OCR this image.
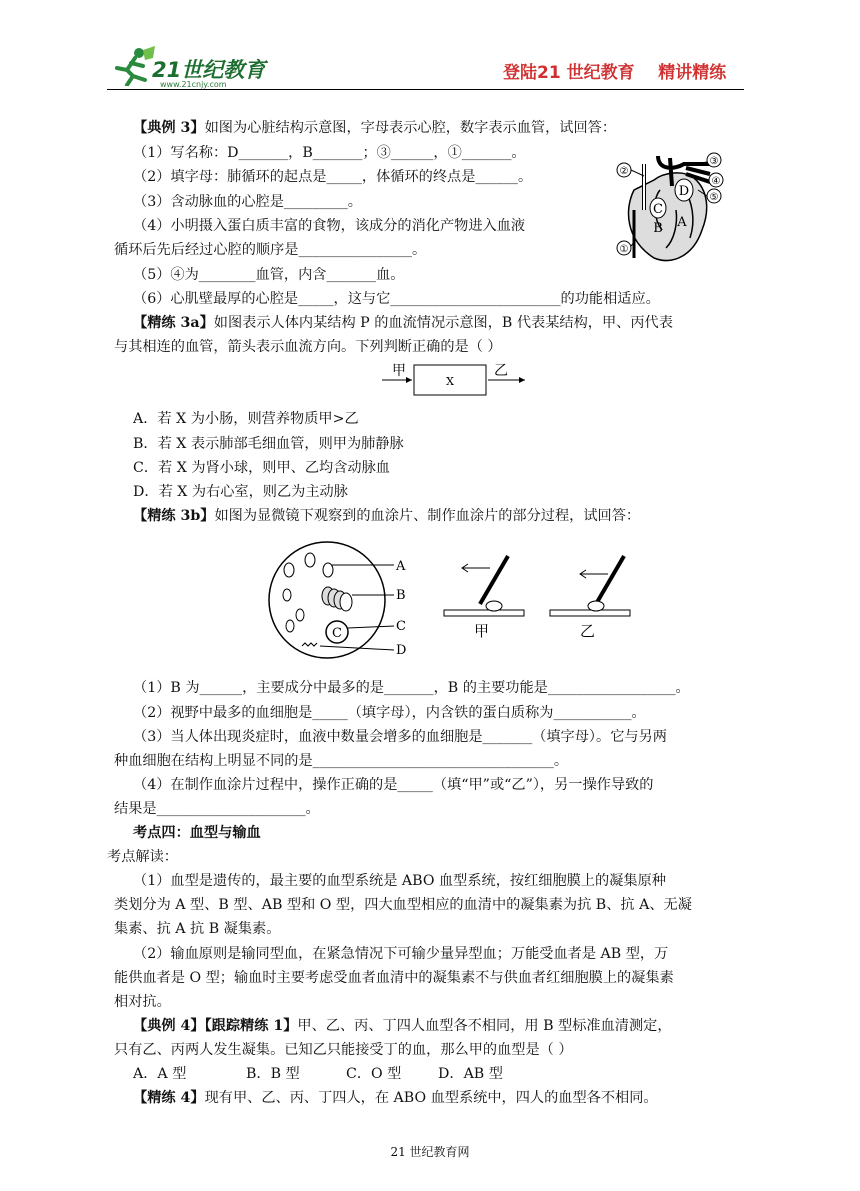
21世纪教育
www.21cnjy.com
登陆21 世纪教育    精讲精练
【典例 3】如图为心脏结构示意图，字母表示心腔，数字表示血管，试回答：
（1）写名称：D_______，B_______；③______，①_______。
（2）填字母：肺循环的起点是_____，体循环的终点是______。
（3）含动脉血的心腔是_________。
（4）小明摄入蛋白质丰富的食物，该成分的消化产物进入血液
循环后先后经过心腔的顺序是________________。
（5）④为________血管，内含_______血。
（6）心肌壁最厚的心腔是_____，这与它________________________的功能相适应。
③
②
④
⑤
C
D
B A
①
【精练 3a】如图表示人体内某结构 P 的血流情况示意图，B 代表某结构，甲、丙代表
与其相连的血管，箭头表示血流方向。下列判断正确的是（ ）
甲
X
乙
A．若 X 为小肠，则营养物质甲>乙
B．若 X 表示肺部毛细血管，则甲为肺静脉
C．若 X 为肾小球，则甲、乙均含动脉血
D．若 X 为右心室，则乙为主动脉
【精练 3b】如图为显微镜下观察到的血涂片、制作血涂片的部分过程，试回答：
C
A
B
C
D
甲	乙
（1）B 为______，主要成分中最多的是_______，B 的主要功能是__________________。
（2）视野中最多的血细胞是_____（填字母），内含铁的蛋白质称为___________。
（3）当人体出现炎症时，血液中数量会增多的血细胞是_______（填字母）。它与另两
种血细胞在结构上明显不同的是__________________________________。
（4）在制作血涂片过程中，操作正确的是_____（填“甲”或“乙”），另一操作导致的
结果是_____________________。
考点四：血型与输血
考点解读：
（1）血型是遗传的，最主要的血型系统是 ABO 血型系统，按红细胞膜上的凝集原种
类划分为 A 型、B 型、AB 型和 O 型，四大血型相应的血清中的凝集素为抗 B、抗 A、无凝
集素、抗 A 抗 B 凝集素。
（2）输血原则是输同型血，在紧急情况下可输少量异型血；万能受血者是 AB 型，万
能供血者是 O 型；输血时主要考虑受血者血清中的凝集素不与供血者红细胞膜上的凝集素
相对抗。
【典例 4】【跟踪精练 1】甲、乙、丙、丁四人血型各不相同，用 B 型标准血清测定，
只有乙、丙两人发生凝集。已知乙只能接受丁的血，那么甲的血型是（ ）
A．A 型	B．B 型	C．O 型	D．AB 型
【精练 4】现有甲、乙、丙、丁四人，在 ABO 血型系统中，四人的血型各不相同。
21 世纪教育网
